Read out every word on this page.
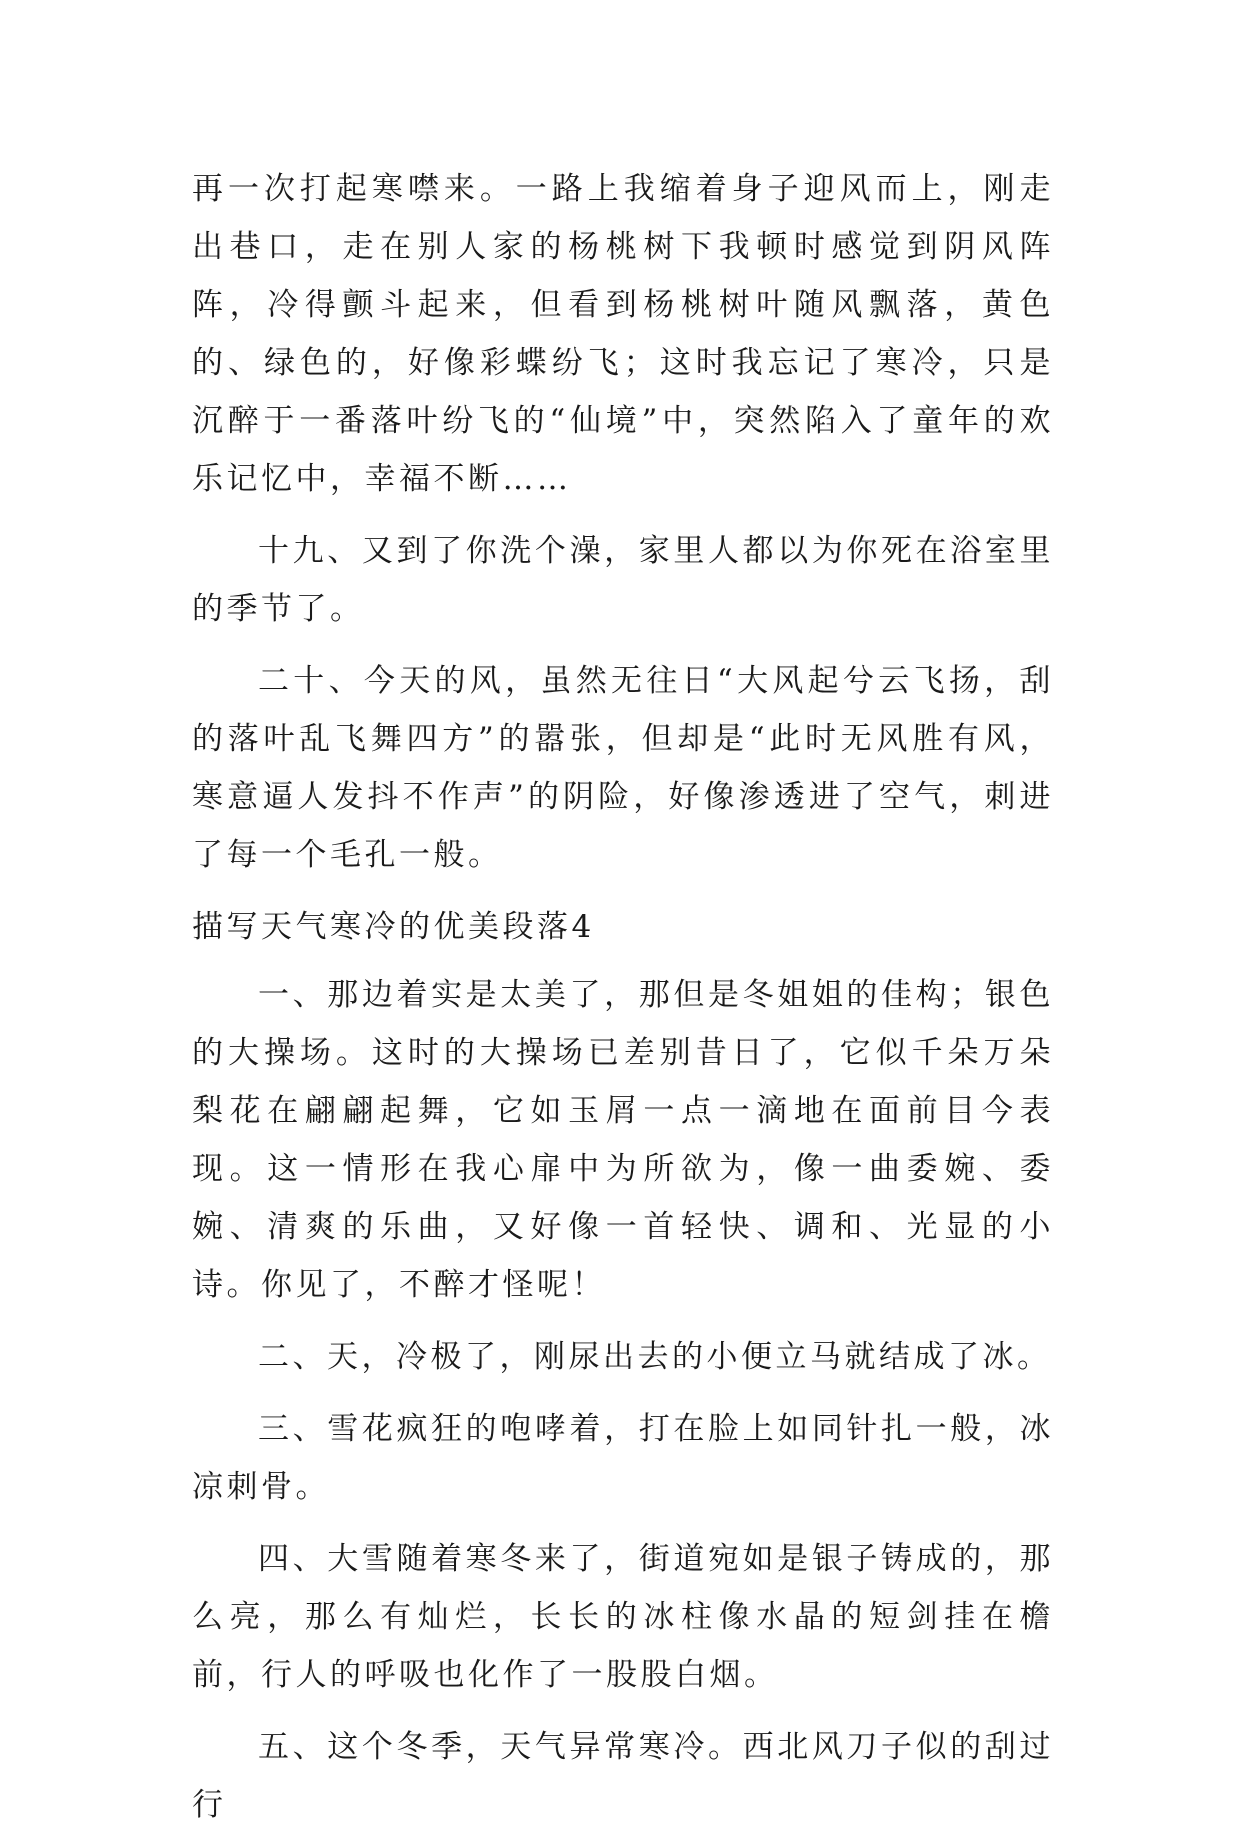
再一次打起寒噤来。一路上我缩着身子迎风而上，刚走出巷口，走在别人家的杨桃树下我顿时感觉到阴风阵阵，冷得颤斗起来，但看到杨桃树叶随风飘落，黄色的、绿色的，好像彩蝶纷飞；这时我忘记了寒冷，只是沉醉于一番落叶纷飞的“仙境”中，突然陷入了童年的欢乐记忆中，幸福不断……

十九、又到了你洗个澡，家里人都以为你死在浴室里的季节了。

二十、今天的风，虽然无往日“大风起兮云飞扬，刮的落叶乱飞舞四方”的嚣张，但却是“此时无风胜有风，寒意逼人发抖不作声”的阴险，好像渗透进了空气，刺进了每一个毛孔一般。

描写天气寒冷的优美段落4

一、那边着实是太美了，那但是冬姐姐的佳构；银色的大操场。这时的大操场已差别昔日了，它似千朵万朵梨花在翩翩起舞，它如玉屑一点一滴地在面前目今表现。这一情形在我心扉中为所欲为，像一曲委婉、委婉、清爽的乐曲，又好像一首轻快、调和、光显的小诗。你见了，不醉才怪呢！

二、天，冷极了，刚尿出去的小便立马就结成了冰。

三、雪花疯狂的咆哮着，打在脸上如同针扎一般，冰凉刺骨。

四、大雪随着寒冬来了，街道宛如是银子铸成的，那么亮，那么有灿烂，长长的冰柱像水晶的短剑挂在檐前，行人的呼吸也化作了一股股白烟。

五、这个冬季，天气异常寒冷。西北风刀子似的刮过行
